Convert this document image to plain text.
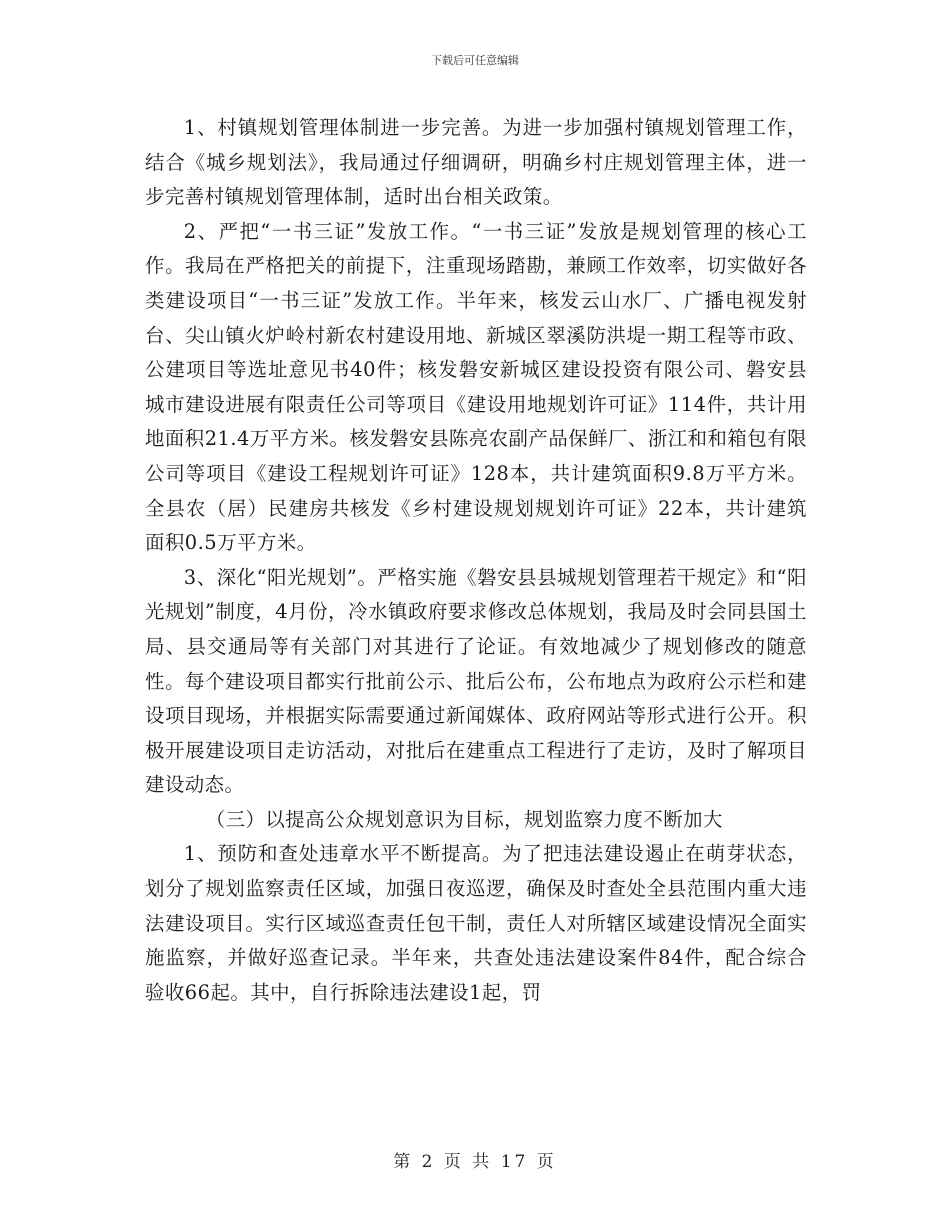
下载后可任意编辑

1、村镇规划管理体制进一步完善。为进一步加强村镇规划管理工作，结合《城乡规划法》，我局通过仔细调研，明确乡村庄规划管理主体，进一步完善村镇规划管理体制，适时出台相关政策。

2、严把“一书三证”发放工作。“一书三证”发放是规划管理的核心工作。我局在严格把关的前提下，注重现场踏勘，兼顾工作效率，切实做好各类建设项目“一书三证”发放工作。半年来，核发云山水厂、广播电视发射台、尖山镇火炉岭村新农村建设用地、新城区翠溪防洪堤一期工程等市政、公建项目等选址意见书40件；核发磐安新城区建设投资有限公司、磐安县城市建设进展有限责任公司等项目《建设用地规划许可证》114件，共计用地面积21.4万平方米。核发磐安县陈亮农副产品保鲜厂、浙江和和箱包有限公司等项目《建设工程规划许可证》128本，共计建筑面积9.8万平方米。全县农（居）民建房共核发《乡村建设规划规划许可证》22本，共计建筑面积0.5万平方米。

3、深化“阳光规划”。严格实施《磐安县县城规划管理若干规定》和“阳光规划”制度，4月份，冷水镇政府要求修改总体规划，我局及时会同县国土局、县交通局等有关部门对其进行了论证。有效地减少了规划修改的随意性。每个建设项目都实行批前公示、批后公布，公布地点为政府公示栏和建设项目现场，并根据实际需要通过新闻媒体、政府网站等形式进行公开。积极开展建设项目走访活动，对批后在建重点工程进行了走访，及时了解项目建设动态。

（三）以提高公众规划意识为目标，规划监察力度不断加大

1、预防和查处违章水平不断提高。为了把违法建设遏止在萌芽状态，划分了规划监察责任区域，加强日夜巡逻，确保及时查处全县范围内重大违法建设项目。实行区域巡查责任包干制，责任人对所辖区域建设情况全面实施监察，并做好巡查记录。半年来，共查处违法建设案件84件，配合综合验收66起。其中，自行拆除违法建设1起，罚

第 2 页 共 17 页
